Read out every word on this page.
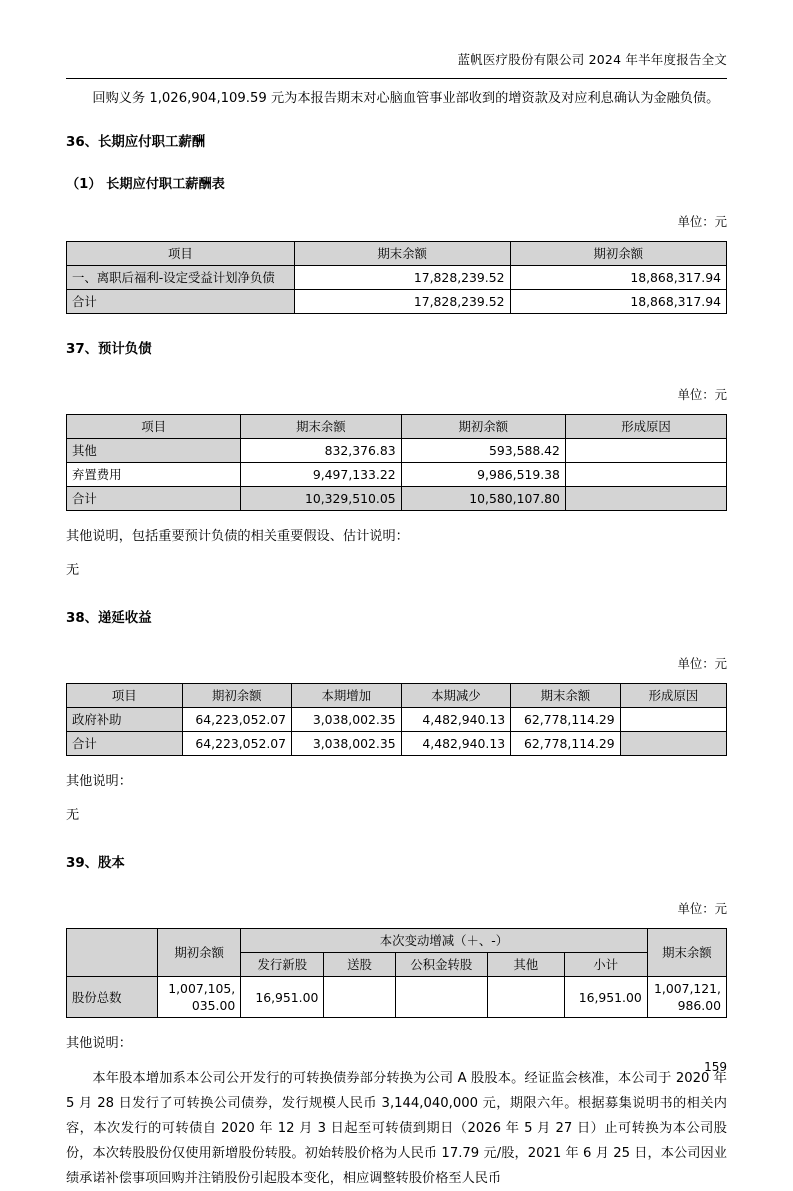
蓝帆医疗股份有限公司 2024 年半年度报告全文

回购义务 1,026,904,109.59 元为本报告期末对心脑血管事业部收到的增资款及对应利息确认为金融负债。

36、长期应付职工薪酬
（1） 长期应付职工薪酬表
单位：元
项目	期末余额	期初余额
一、离职后福利-设定受益计划净负债	17,828,239.52	18,868,317.94
合计	17,828,239.52	18,868,317.94
37、预计负债
单位：元
项目	期末余额	期初余额	形成原因
其他	832,376.83	593,588.42	
弃置费用	9,497,133.22	9,986,519.38	
合计	10,329,510.05	10,580,107.80	

其他说明，包括重要预计负债的相关重要假设、估计说明：

无

38、递延收益
单位：元
项目	期初余额	本期增加	本期减少	期末余额	形成原因
政府补助	64,223,052.07	3,038,002.35	4,482,940.13	62,778,114.29	
合计	64,223,052.07	3,038,002.35	4,482,940.13	62,778,114.29	

其他说明：

无

39、股本
单位：元
	期初余额	本次变动增减（＋、-）					期末余额
		发行新股	送股	公积金转股	其他	小计	
股份总数	1,007,105,035.00	16,951.00				16,951.00	1,007,121,986.00

其他说明：

本年股本增加系本公司公开发行的可转换债券部分转换为公司 A 股股本。经证监会核准，本公司于 2020 年 5 月 28 日发行了可转换公司债券，发行规模人民币 3,144,040,000 元，期限六年。根据募集说明书的相关内容，本次发行的可转债自 2020 年 12 月 3 日起至可转债到期日（2026 年 5 月 27 日）止可转换为本公司股份，本次转股股份仅使用新增股份转股。初始转股价格为人民币 17.79 元/股，2021 年 6 月 25 日，本公司因业绩承诺补偿事项回购并注销股份引起股本变化，相应调整转股价格至人民币

159
